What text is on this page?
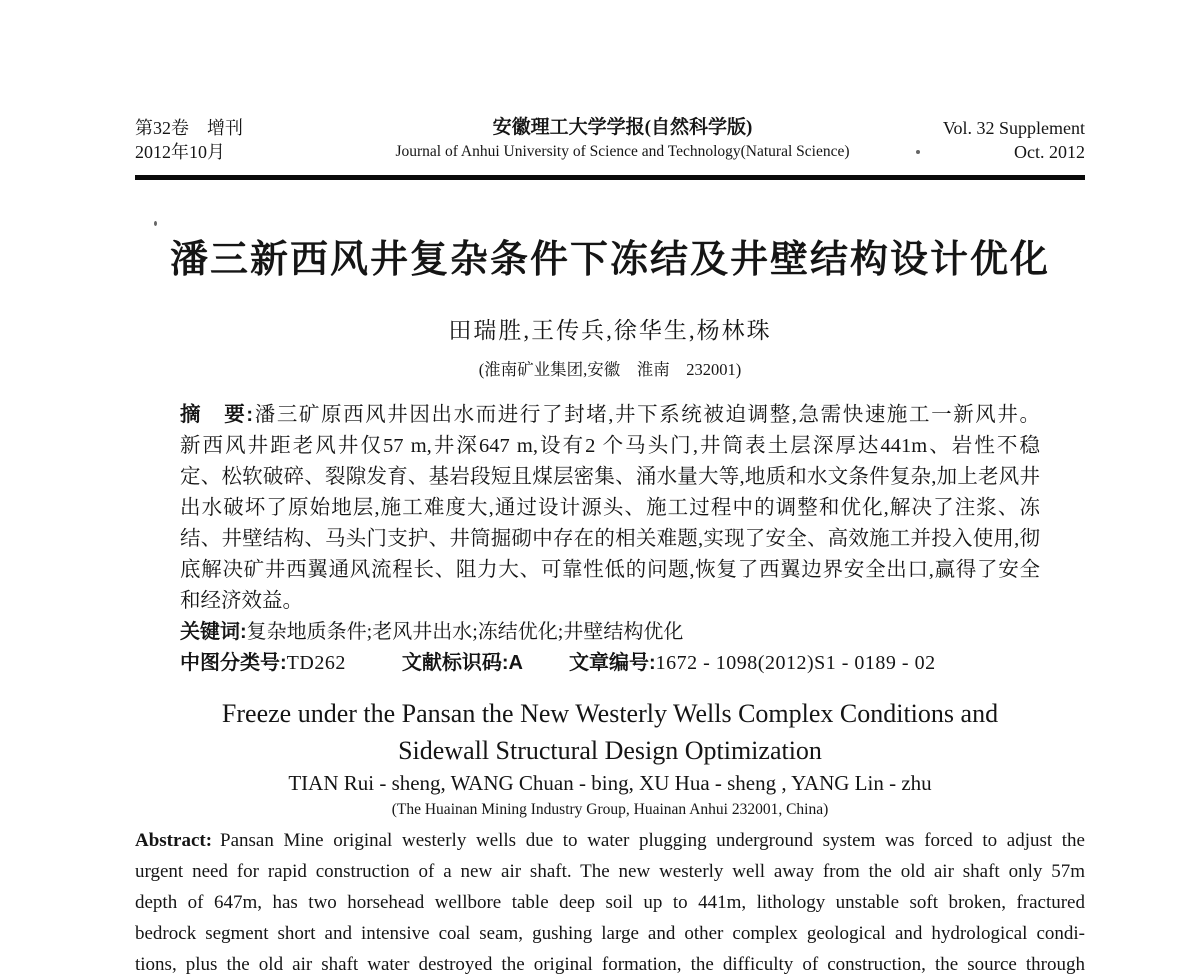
第32卷　增刊
2012年10月
安徽理工大学学报(自然科学版)
Journal of Anhui University of Science and Technology(Natural Science)
Vol. 32 Supplement
Oct. 2012
潘三新西风井复杂条件下冻结及井壁结构设计优化
田瑞胜,王传兵,徐华生,杨林珠
(淮南矿业集团,安徽　淮南　232001)
摘　要:潘三矿原西风井因出水而进行了封堵,井下系统被迫调整,急需快速施工一新风井。
新西风井距老风井仅57 m,井深647 m,设有2 个马头门,井筒表土层深厚达441m、岩性不稳
定、松软破碎、裂隙发育、基岩段短且煤层密集、涌水量大等,地质和水文条件复杂,加上老风井
出水破坏了原始地层,施工难度大,通过设计源头、施工过程中的调整和优化,解决了注浆、冻
结、井壁结构、马头门支护、井筒掘砌中存在的相关难题,实现了安全、高效施工并投入使用,彻
底解决矿井西翼通风流程长、阻力大、可靠性低的问题,恢复了西翼边界安全出口,赢得了安全
和经济效益。
关键词:复杂地质条件;老风井出水;冻结优化;井壁结构优化
中图分类号:TD262	文献标识码:A 文章编号:1672 - 1098(2012)S1 - 0189 - 02
Freeze under the Pansan the New Westerly Wells Complex Conditions and
Sidewall Structural Design Optimization
TIAN Rui - sheng, WANG Chuan - bing, XU Hua - sheng , YANG Lin - zhu
(The Huainan Mining Industry Group, Huainan Anhui 232001, China)
Abstract: Pansan Mine original westerly wells due to water plugging underground system was forced to adjust the
urgent need for rapid construction of a new air shaft. The new westerly well away from the old air shaft only 57m
depth of 647m, has two horsehead wellbore table deep soil up to 441m, lithology unstable soft broken, fractured
bedrock segment short and intensive coal seam, gushing large and other complex geological and hydrological condi-
tions, plus the old air shaft water destroyed the original formation, the difficulty of construction, the source through
